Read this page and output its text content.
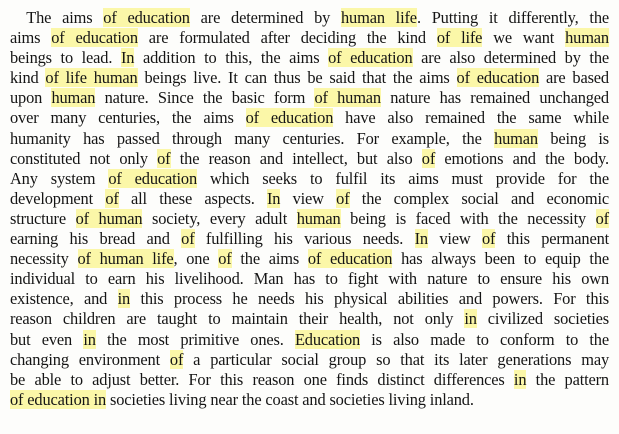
 The aims of education are determined by human life. Putting it differently, the
aims of education are formulated after deciding the kind of life we want human
beings to lead. In addition to this, the aims of education are also determined by the
kind of life human beings live. It can thus be said that the aims of education are based
upon human nature. Since the basic form of human nature has remained unchanged
over many centuries, the aims of education have also remained the same while
humanity has passed through many centuries. For example, the human being is
constituted not only of the reason and intellect, but also of emotions and the body.
Any system of education which seeks to fulfil its aims must provide for the
development of all these aspects. In view of the complex social and economic
structure of human society, every adult human being is faced with the necessity of
earning his bread and of fulfilling his various needs. In view of this permanent
necessity of human life, one of the aims of education has always been to equip the
individual to earn his livelihood. Man has to fight with nature to ensure his own
existence, and in this process he needs his physical abilities and powers. For this
reason children are taught to maintain their health, not only in civilized societies
but even in the most primitive ones. Education is also made to conform to the
changing environment of a particular social group so that its later generations may
be able to adjust better. For this reason one finds distinct differences in the pattern
of education in societies living near the coast and societies living inland.
